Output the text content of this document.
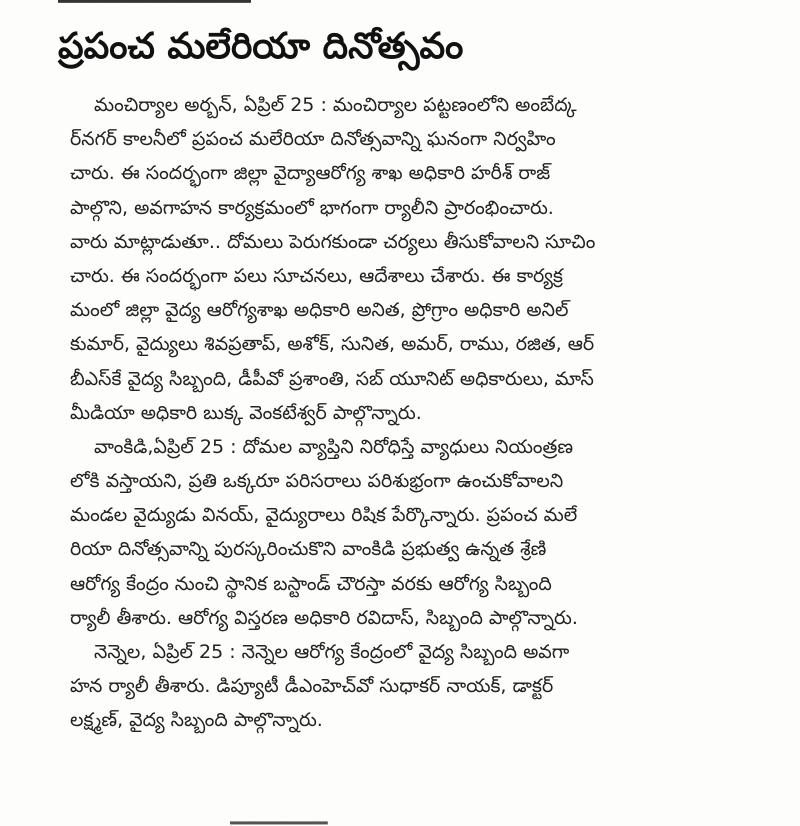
ప్రపంచ మలేరియా దినోత్సవం
మంచిర్యాల అర్బన్, ఏప్రిల్ 25 : మంచిర్యాల పట్టణంలోని అంబేద్క
ర్‌నగర్ కాలనీలో ప్రపంచ మలేరియా దినోత్సవాన్ని ఘనంగా నిర్వహిం
చారు. ఈ సందర్భంగా జిల్లా వైద్యాఆరోగ్య శాఖ అధికారి హరీశ్ రాజ్
పాల్గొని, అవగాహన కార్యక్రమంలో భాగంగా ర్యాలీని ప్రారంభించారు.
వారు మాట్లాడుతూ.. దోమలు పెరుగకుండా చర్యలు తీసుకోవాలని సూచిం
చారు. ఈ సందర్భంగా పలు సూచనలు, ఆదేశాలు చేశారు. ఈ కార్యక్ర
మంలో జిల్లా వైద్య ఆరోగ్యశాఖ అధికారి అనిత, ప్రోగ్రాం అధికారి అనిల్
కుమార్, వైద్యులు శివప్రతాప్, అశోక్, సునిత, అమర్, రాము, రజిత, ఆర్
బీఎస్‌కే వైద్య సిబ్బంది, డీపీవో ప్రశాంతి, సబ్ యూనిట్ అధికారులు, మాస్
మీడియా అధికారి బుక్క వెంకటేశ్వర్ పాల్గొన్నారు.
వాంకిడి,ఏప్రిల్ 25 : దోమల వ్యాప్తిని నిరోధిస్తే వ్యాధులు నియంత్రణ
లోకి వస్తాయని, ప్రతి ఒక్కరూ పరిసరాలు పరిశుభ్రంగా ఉంచుకోవాలని
మండల వైద్యుడు వినయ్, వైద్యురాలు రిషిక పేర్కొన్నారు. ప్రపంచ మలే
రియా దినోత్సవాన్ని పురస్కరించుకొని వాంకిడి ప్రభుత్వ ఉన్నత శ్రేణి
ఆరోగ్య కేంద్రం నుంచి స్థానిక బస్టాండ్ చౌరస్తా వరకు ఆరోగ్య సిబ్బంది
ర్యాలీ తీశారు. ఆరోగ్య విస్తరణ అధికారి రవిదాస్, సిబ్బంది పాల్గొన్నారు.
నెన్నెల, ఏప్రిల్ 25 : నెన్నెల ఆరోగ్య కేంద్రంలో వైద్య సిబ్బంది అవగా
హన ర్యాలీ తీశారు. డిప్యూటీ డీఎంహెచ్‌వో సుధాకర్ నాయక్, డాక్టర్
లక్ష్మణ్, వైద్య సిబ్బంది పాల్గొన్నారు.
━━━━━━━━━
